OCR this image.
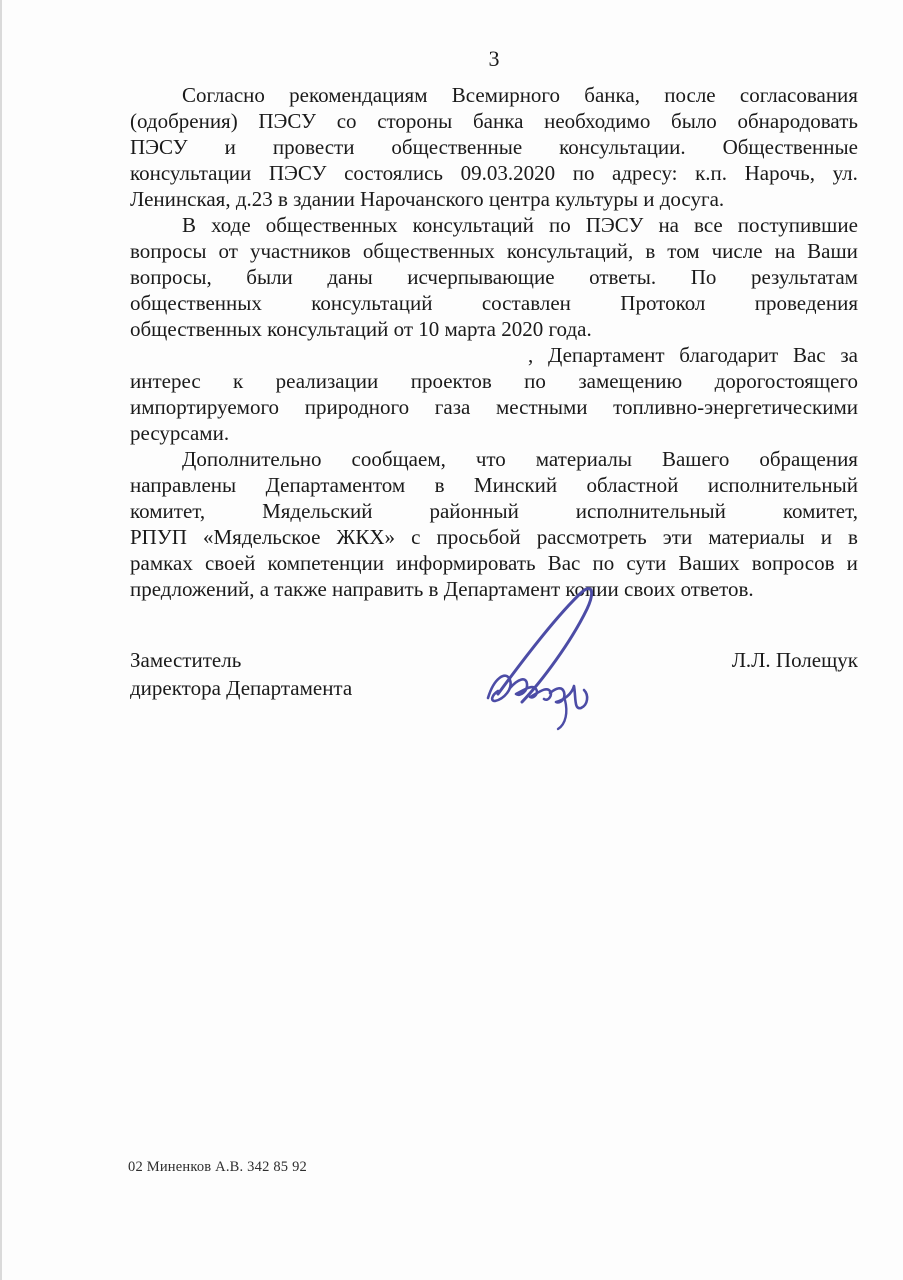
3
Согласно рекомендациям Всемирного банка, после согласования
(одобрения) ПЭСУ со стороны банка необходимо было обнародовать
ПЭСУ и провести общественные консультации. Общественные
консультации ПЭСУ состоялись 09.03.2020 по адресу: к.п. Нарочь, ул.
Ленинская, д.23 в здании Нарочанского центра культуры и досуга.
В ходе общественных консультаций по ПЭСУ на все поступившие
вопросы от участников общественных консультаций, в том числе на Ваши
вопросы, были даны исчерпывающие ответы. По результатам
общественных консультаций составлен Протокол проведения
общественных консультаций от 10 марта 2020 года.
, Департамент благодарит Вас за
интерес к реализации проектов по замещению дорогостоящего
импортируемого природного газа местными топливно-энергетическими
ресурсами.
Дополнительно сообщаем, что материалы Вашего обращения
направлены Департаментом в Минский областной исполнительный
комитет,	Мядельский	районный	исполнительный	комитет,
РПУП «Мядельское ЖКХ» с просьбой рассмотреть эти материалы и в
рамках своей компетенции информировать Вас по сути Ваших вопросов и
предложений, а также направить в Департамент копии своих ответов.
Заместитель
директора Департамента
Л.Л. Полещук
02 Миненков А.В. 342 85 92
